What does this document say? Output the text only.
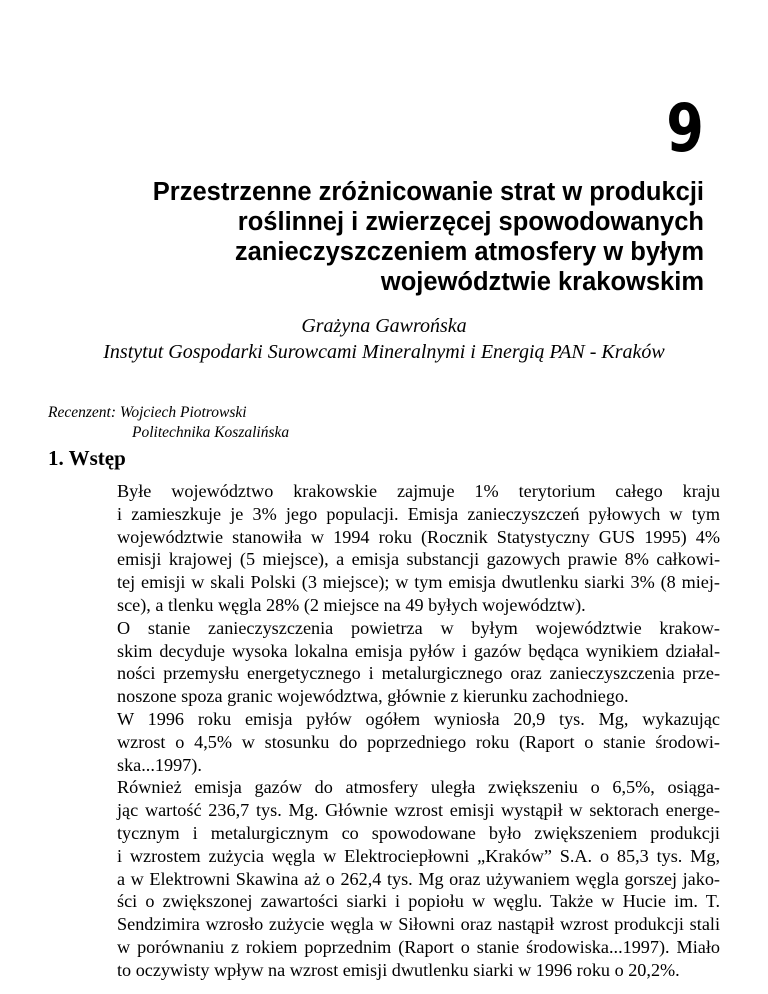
9
Przestrzenne zróżnicowanie strat w produkcji
roślinnej i zwierzęcej spowodowanych
zanieczyszczeniem atmosfery w byłym
województwie krakowskim
Grażyna Gawrońska
Instytut Gospodarki Surowcami Mineralnymi i Energią PAN - Kraków
Recenzent: Wojciech Piotrowski
Politechnika Koszalińska
1. Wstęp

Byłe województwo krakowskie zajmuje 1% terytorium całego kraju
i zamieszkuje je 3% jego populacji. Emisja zanieczyszczeń pyłowych w tym
województwie stanowiła w 1994 roku (Rocznik Statystyczny GUS 1995) 4%
emisji krajowej (5 miejsce), a emisja substancji gazowych prawie 8% całkowi-
tej emisji w skali Polski (3 miejsce); w tym emisja dwutlenku siarki 3% (8 miej-
sce), a tlenku węgla 28% (2 miejsce na 49 byłych województw).

O stanie zanieczyszczenia powietrza w byłym województwie krakow-
skim decyduje wysoka lokalna emisja pyłów i gazów będąca wynikiem działal-
ności przemysłu energetycznego i metalurgicznego oraz zanieczyszczenia prze-
noszone spoza granic województwa, głównie z kierunku zachodniego.

W 1996 roku emisja pyłów ogółem wyniosła 20,9 tys. Mg, wykazując
wzrost o 4,5% w stosunku do poprzedniego roku (Raport o stanie środowi-
ska...1997).

Również emisja gazów do atmosfery uległa zwiększeniu o 6,5%, osiąga-
jąc wartość 236,7 tys. Mg. Głównie wzrost emisji wystąpił w sektorach energe-
tycznym i metalurgicznym co spowodowane było zwiększeniem produkcji
i wzrostem zużycia węgla w Elektrociepłowni „Kraków” S.A. o 85,3 tys. Mg,
a w Elektrowni Skawina aż o 262,4 tys. Mg oraz używaniem węgla gorszej jako-
ści o zwiększonej zawartości siarki i popiołu w węglu. Także w Hucie im. T.
Sendzimira wzrosło zużycie węgla w Siłowni oraz nastąpił wzrost produkcji stali
w porównaniu z rokiem poprzednim (Raport o stanie środowiska...1997). Miało
to oczywisty wpływ na wzrost emisji dwutlenku siarki w 1996 roku o 20,2%.
